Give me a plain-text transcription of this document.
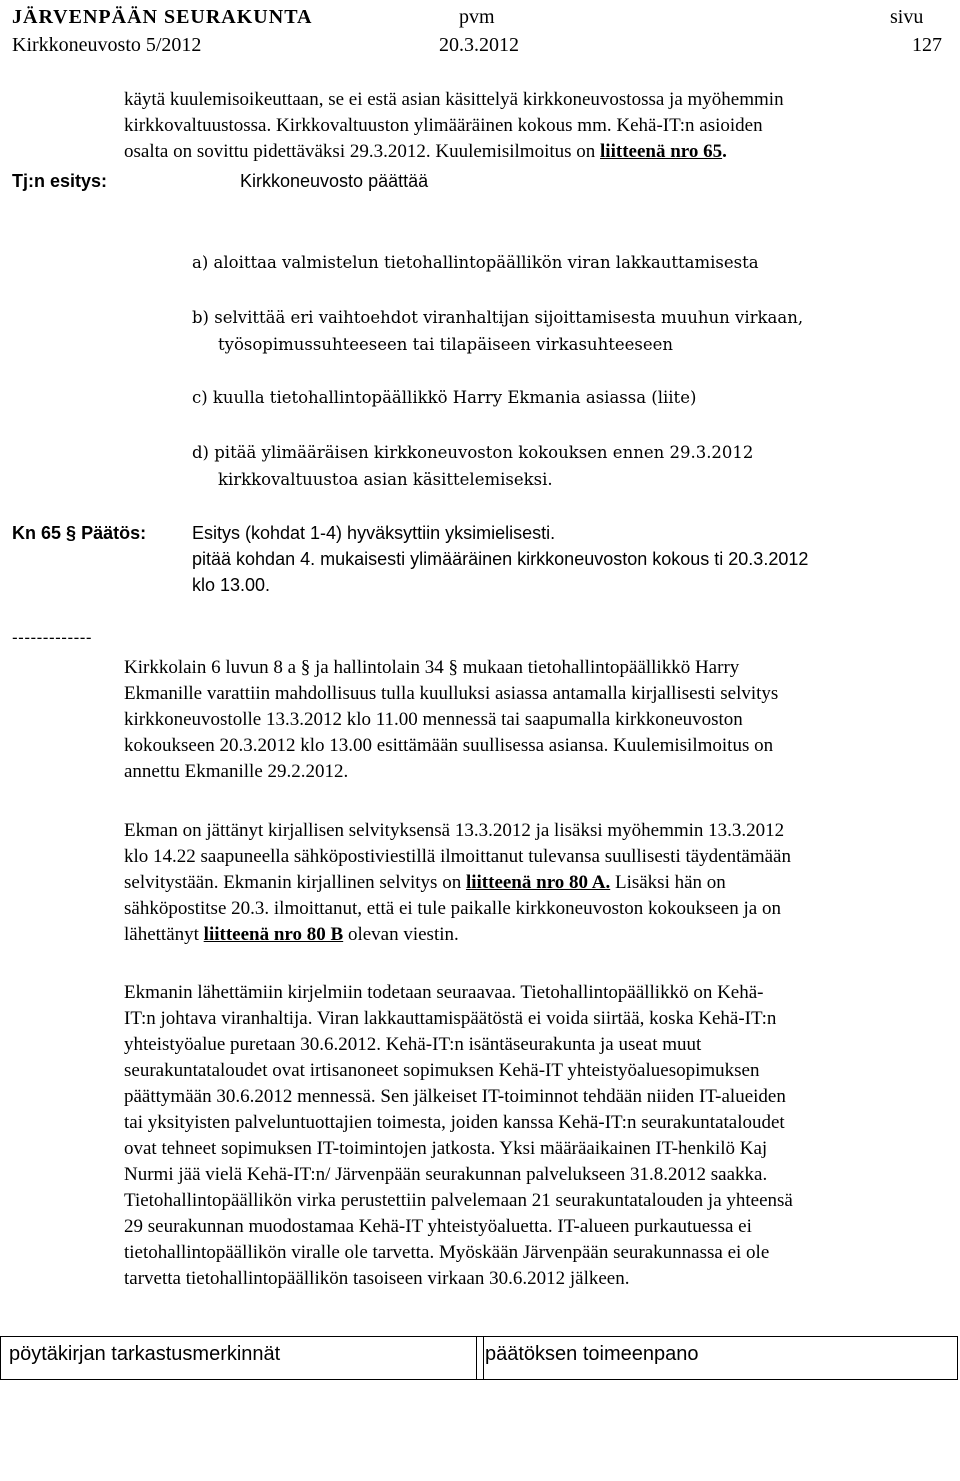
JÄRVENPÄÄN SEURAKUNTA	pvm	sivu
Kirkkoneuvosto 5/2012	20.3.2012	127
käytä kuulemisoikeuttaan, se ei estä asian käsittelyä kirkkoneuvostossa ja myöhemmin
kirkkovaltuustossa. Kirkkovaltuuston ylimääräinen kokous mm. Kehä-IT:n asioiden
osalta on sovittu pidettäväksi 29.3.2012. Kuulemisilmoitus on liitteenä nro 65.
Tj:n esitys:	Kirkkoneuvosto päättää
a) aloittaa valmistelun tietohallintopäällikön viran lakkauttamisesta
b) selvittää eri vaihtoehdot viranhaltijan sijoittamisesta muuhun virkaan,
työsopimussuhteeseen tai tilapäiseen virkasuhteeseen
c) kuulla tietohallintopäällikkö Harry Ekmania asiassa (liite)
d) pitää ylimääräisen kirkkoneuvoston kokouksen ennen 29.3.2012
kirkkovaltuustoa asian käsittelemiseksi.
Kn 65 § Päätös:	Esitys (kohdat 1-4) hyväksyttiin yksimielisesti.
pitää kohdan 4. mukaisesti ylimääräinen kirkkoneuvoston kokous ti 20.3.2012
klo 13.00.
-------------
Kirkkolain 6 luvun 8 a § ja hallintolain 34 § mukaan tietohallintopäällikkö Harry
Ekmanille varattiin mahdollisuus tulla kuulluksi asiassa antamalla kirjallisesti selvitys
kirkkoneuvostolle 13.3.2012 klo 11.00 mennessä tai saapumalla kirkkoneuvoston
kokoukseen 20.3.2012 klo 13.00 esittämään suullisessa asiansa. Kuulemisilmoitus on
annettu Ekmanille 29.2.2012.
Ekman on jättänyt kirjallisen selvityksensä 13.3.2012 ja lisäksi myöhemmin 13.3.2012
klo 14.22 saapuneella sähköpostiviestillä ilmoittanut tulevansa suullisesti täydentämään
selvitystään. Ekmanin kirjallinen selvitys on liitteenä nro 80 A. Lisäksi hän on
sähköpostitse 20.3. ilmoittanut, että ei tule paikalle kirkkoneuvoston kokoukseen ja on
lähettänyt liitteenä nro 80 B olevan viestin.
Ekmanin lähettämiin kirjelmiin todetaan seuraavaa. Tietohallintopäällikkö on Kehä-
IT:n johtava viranhaltija. Viran lakkauttamispäätöstä ei voida siirtää, koska Kehä-IT:n
yhteistyöalue puretaan 30.6.2012. Kehä-IT:n isäntäseurakunta ja useat muut
seurakuntataloudet ovat irtisanoneet sopimuksen Kehä-IT yhteistyöaluesopimuksen
päättymään 30.6.2012 mennessä. Sen jälkeiset IT-toiminnot tehdään niiden IT-alueiden
tai yksityisten palveluntuottajien toimesta, joiden kanssa Kehä-IT:n seurakuntataloudet
ovat tehneet sopimuksen IT-toimintojen jatkosta. Yksi määräaikainen IT-henkilö Kaj
Nurmi jää vielä Kehä-IT:n/ Järvenpään seurakunnan palvelukseen 31.8.2012 saakka.
Tietohallintopäällikön virka perustettiin palvelemaan 21 seurakuntatalouden ja yhteensä
29 seurakunnan muodostamaa Kehä-IT yhteistyöaluetta. IT-alueen purkautuessa ei
tietohallintopäällikön viralle ole tarvetta. Myöskään Järvenpään seurakunnassa ei ole
tarvetta tietohallintopäällikön tasoiseen virkaan 30.6.2012 jälkeen.
pöytäkirjan tarkastusmerkinnät	päätöksen toimeenpano
